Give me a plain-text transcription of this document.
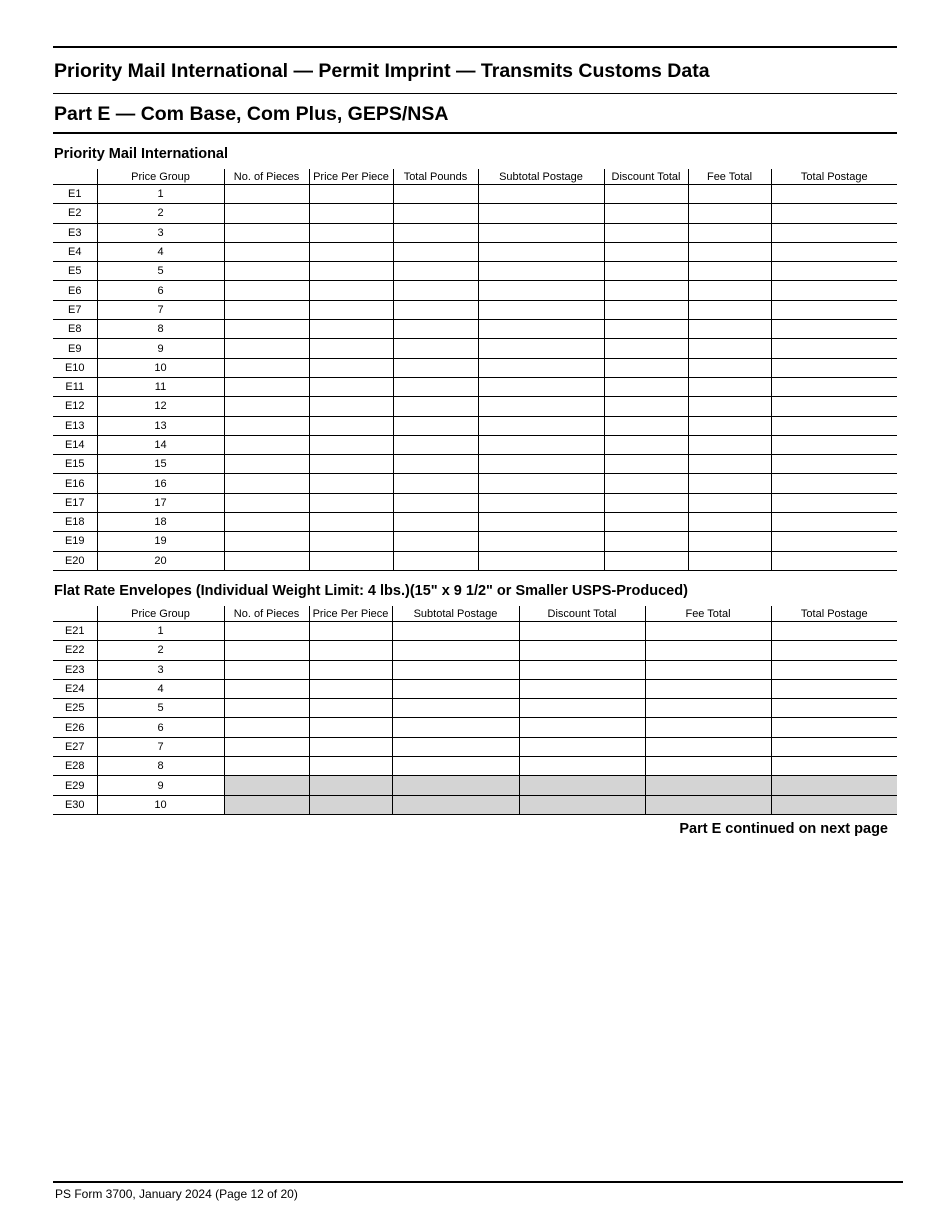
Priority Mail International — Permit Imprint — Transmits Customs Data
Part E — Com Base, Com Plus, GEPS/NSA
Priority Mail International
	Price Group	No. of Pieces	Price Per Piece	Total Pounds	Subtotal Postage	Discount Total	Fee Total	Total Postage
E1	1							
E2	2							
E3	3							
E4	4							
E5	5							
E6	6							
E7	7							
E8	8							
E9	9							
E10	10							
E11	11							
E12	12							
E13	13							
E14	14							
E15	15							
E16	16							
E17	17							
E18	18							
E19	19							
E20	20							
Flat Rate Envelopes (Individual Weight Limit: 4 lbs.)(15" x 9 1/2" or Smaller USPS-Produced)
	Price Group	No. of Pieces	Price Per Piece	Subtotal Postage	Discount Total	Fee Total	Total Postage
E21	1						
E22	2						
E23	3						
E24	4						
E25	5						
E26	6						
E27	7						
E28	8						
E29	9						
E30	10						
Part E continued on next page
PS Form 3700, January 2024 (Page 12 of 20)
